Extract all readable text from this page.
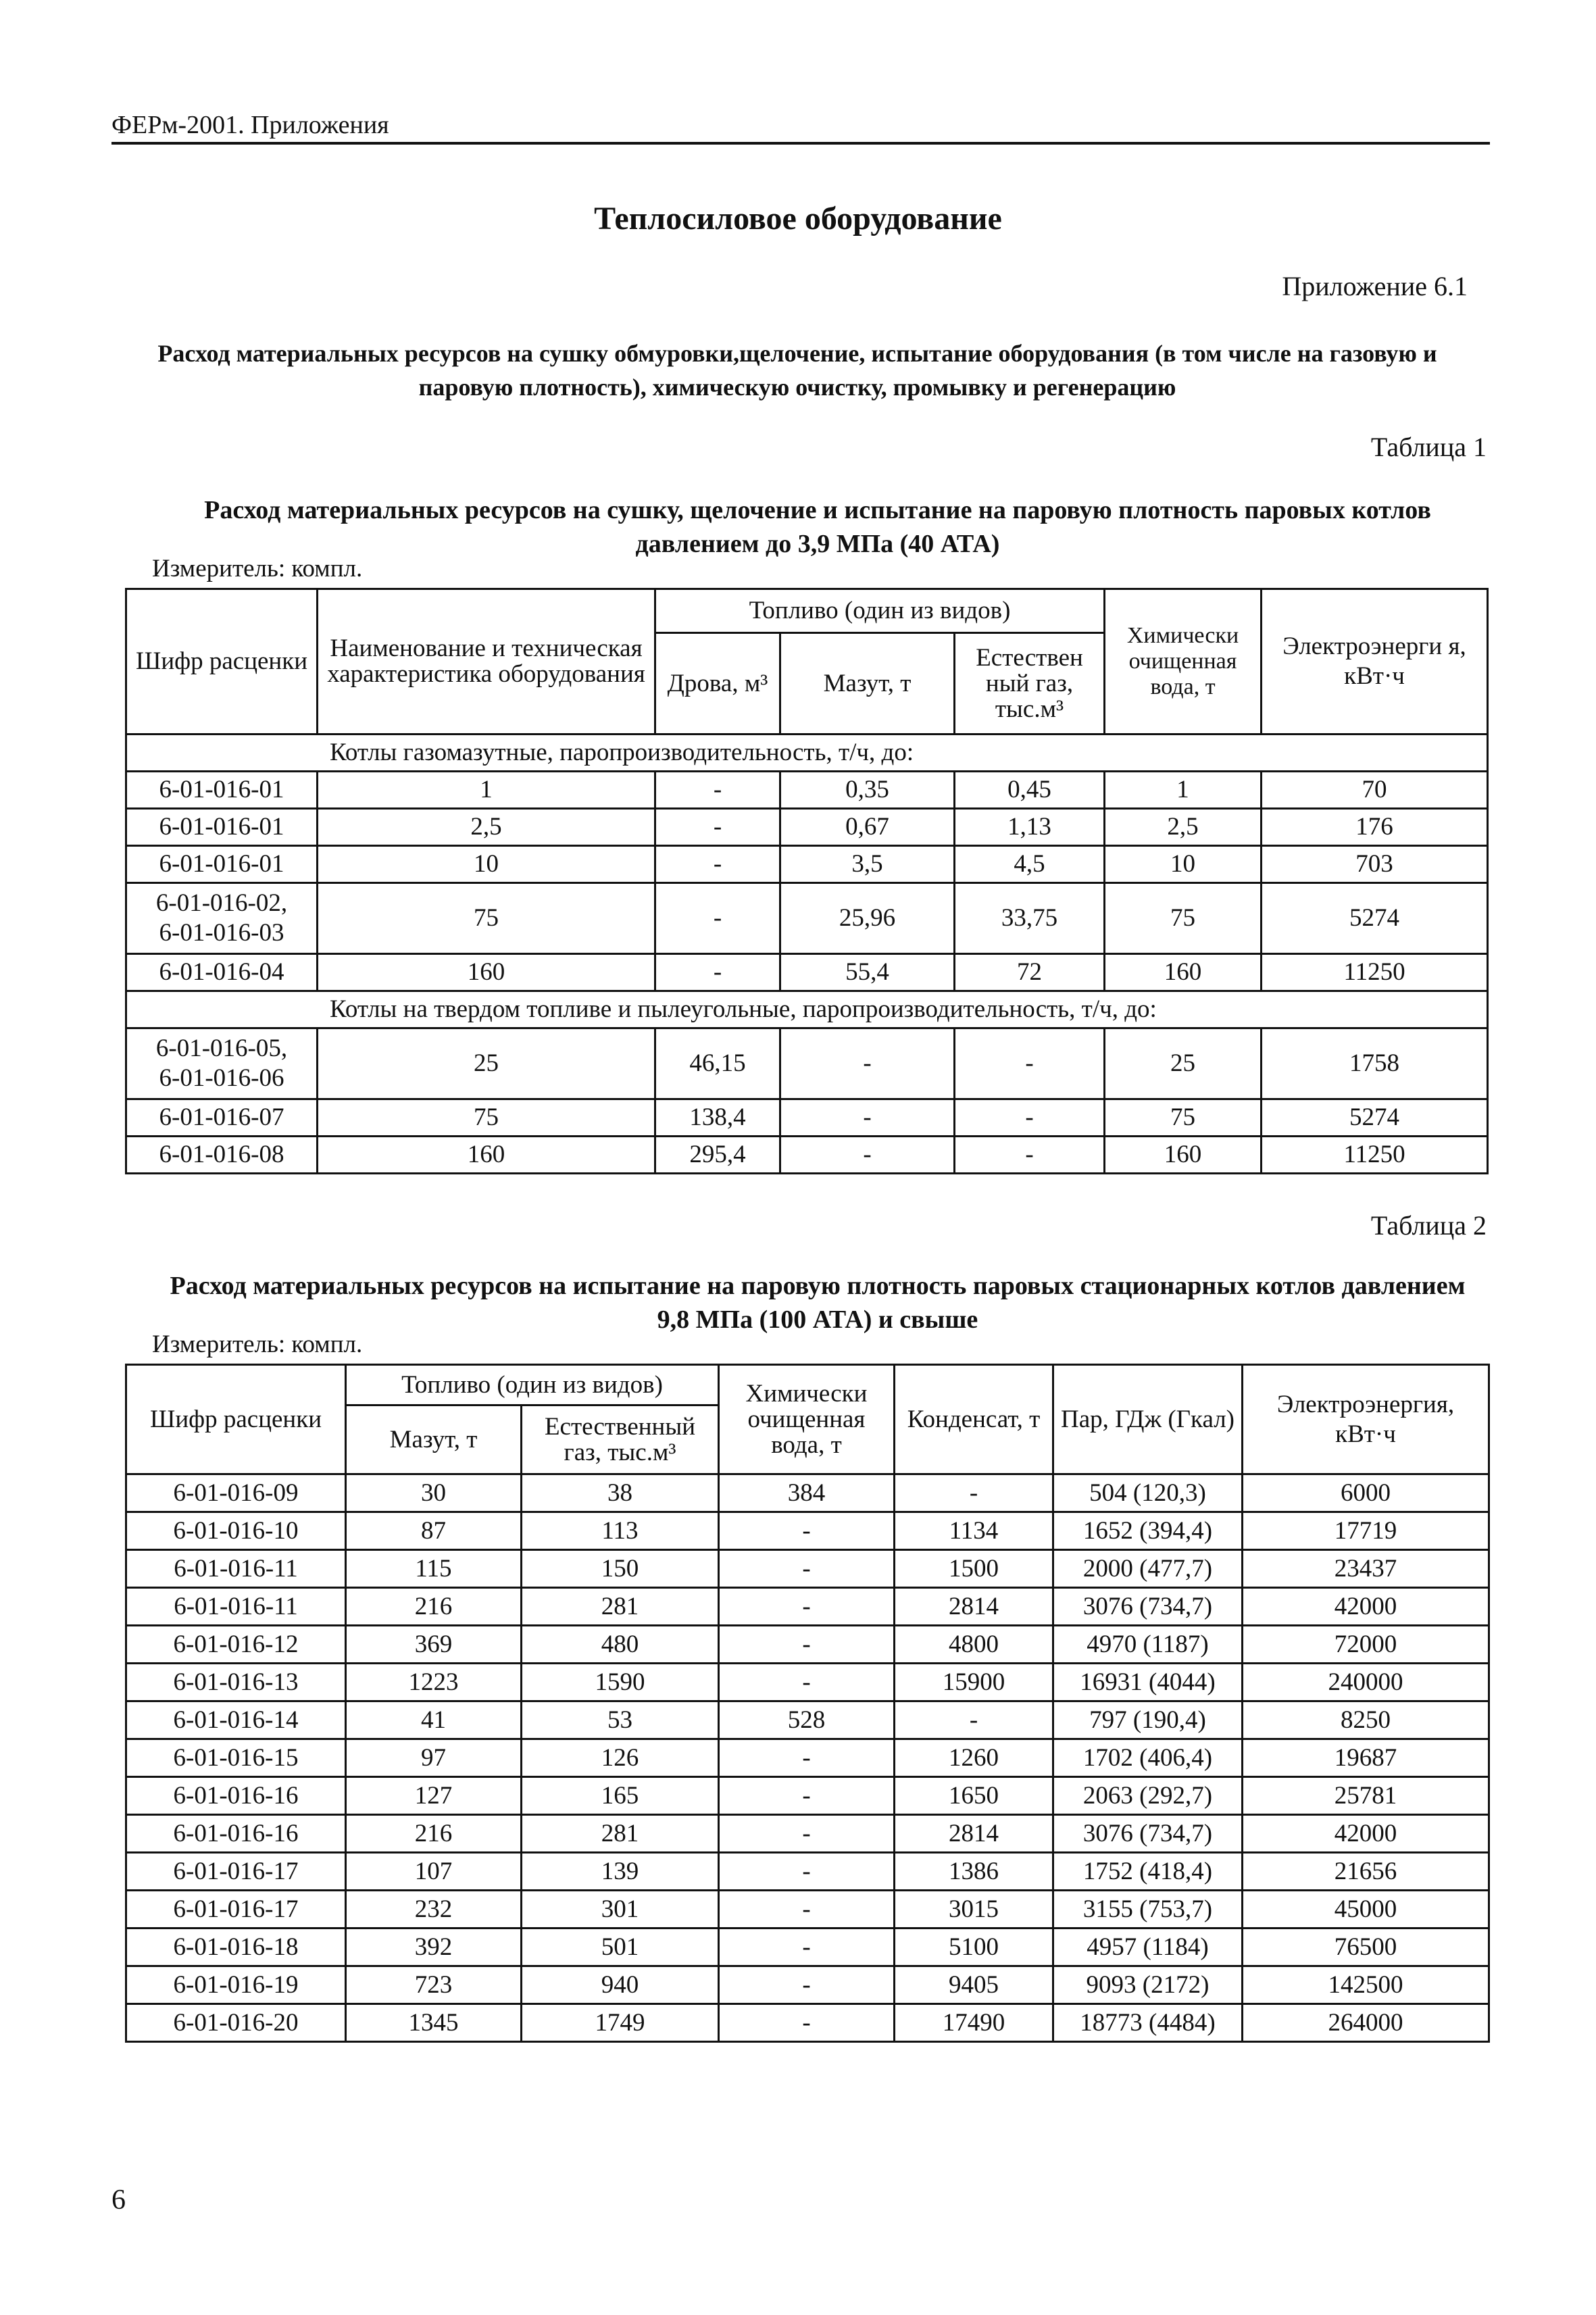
ФЕРм-2001. Приложения
Теплосиловое оборудование
Приложение 6.1
Расход материальных ресурсов на сушку обмуровки,щелочение, испытание оборудования (в том числе на газовую и паровую плотность), химическую очистку, промывку и регенерацию
Таблица 1
Расход материальных ресурсов на сушку, щелочение и испытание на паровую плотность паровых котлов давлением до 3,9 МПа (40 АТА)
Измеритель: компл.
Шифр расценки	Наименование и техническая характеристика оборудования	Топливо (один из видов)			Химически очищенная вода, т	Электроэнерги я, кВт·ч
		Дрова, м³	Мазут, т	Естествен ный газ, тыс.м³		
Котлы газомазутные, паропроизводительность, т/ч, до:						

6-01-016-01	1	-	0,35	0,45	1	70

6-01-016-01	2,5	-	0,67	1,13	2,5	176

6-01-016-01	10	-	3,5	4,5	10	703

6-01-016-02,
6-01-016-03	75	-	25,96	33,75	75	5274

6-01-016-04	160	-	55,4	72	160	11250
Котлы на твердом топливе и пылеугольные, паропроизводительность, т/ч, до:						

6-01-016-05,
6-01-016-06	25	46,15	-	-	25	1758

6-01-016-07	75	138,4	-	-	75	5274

6-01-016-08	160	295,4	-	-	160	11250
Таблица 2
Расход материальных ресурсов на испытание на паровую плотность паровых стационарных котлов давлением 9,8 МПа (100 АТА) и свыше
Измеритель: компл.
Шифр расценки	Топливо (один из видов)		Химически очищенная вода, т	Конденсат, т	Пар, ГДж (Гкал)	Электроэнергия, кВт·ч
	Мазут, т	Естественный газ, тыс.м³				
6-01-016-09	30	38	384	-	504 (120,3)	6000
6-01-016-10	87	113	-	1134	1652 (394,4)	17719
6-01-016-11	115	150	-	1500	2000 (477,7)	23437
6-01-016-11	216	281	-	2814	3076 (734,7)	42000
6-01-016-12	369	480	-	4800	4970 (1187)	72000
6-01-016-13	1223	1590	-	15900	16931 (4044)	240000
6-01-016-14	41	53	528	-	797 (190,4)	8250
6-01-016-15	97	126	-	1260	1702 (406,4)	19687
6-01-016-16	127	165	-	1650	2063 (292,7)	25781
6-01-016-16	216	281	-	2814	3076 (734,7)	42000
6-01-016-17	107	139	-	1386	1752 (418,4)	21656
6-01-016-17	232	301	-	3015	3155 (753,7)	45000
6-01-016-18	392	501	-	5100	4957 (1184)	76500
6-01-016-19	723	940	-	9405	9093 (2172)	142500
6-01-016-20	1345	1749	-	17490	18773 (4484)	264000
6
